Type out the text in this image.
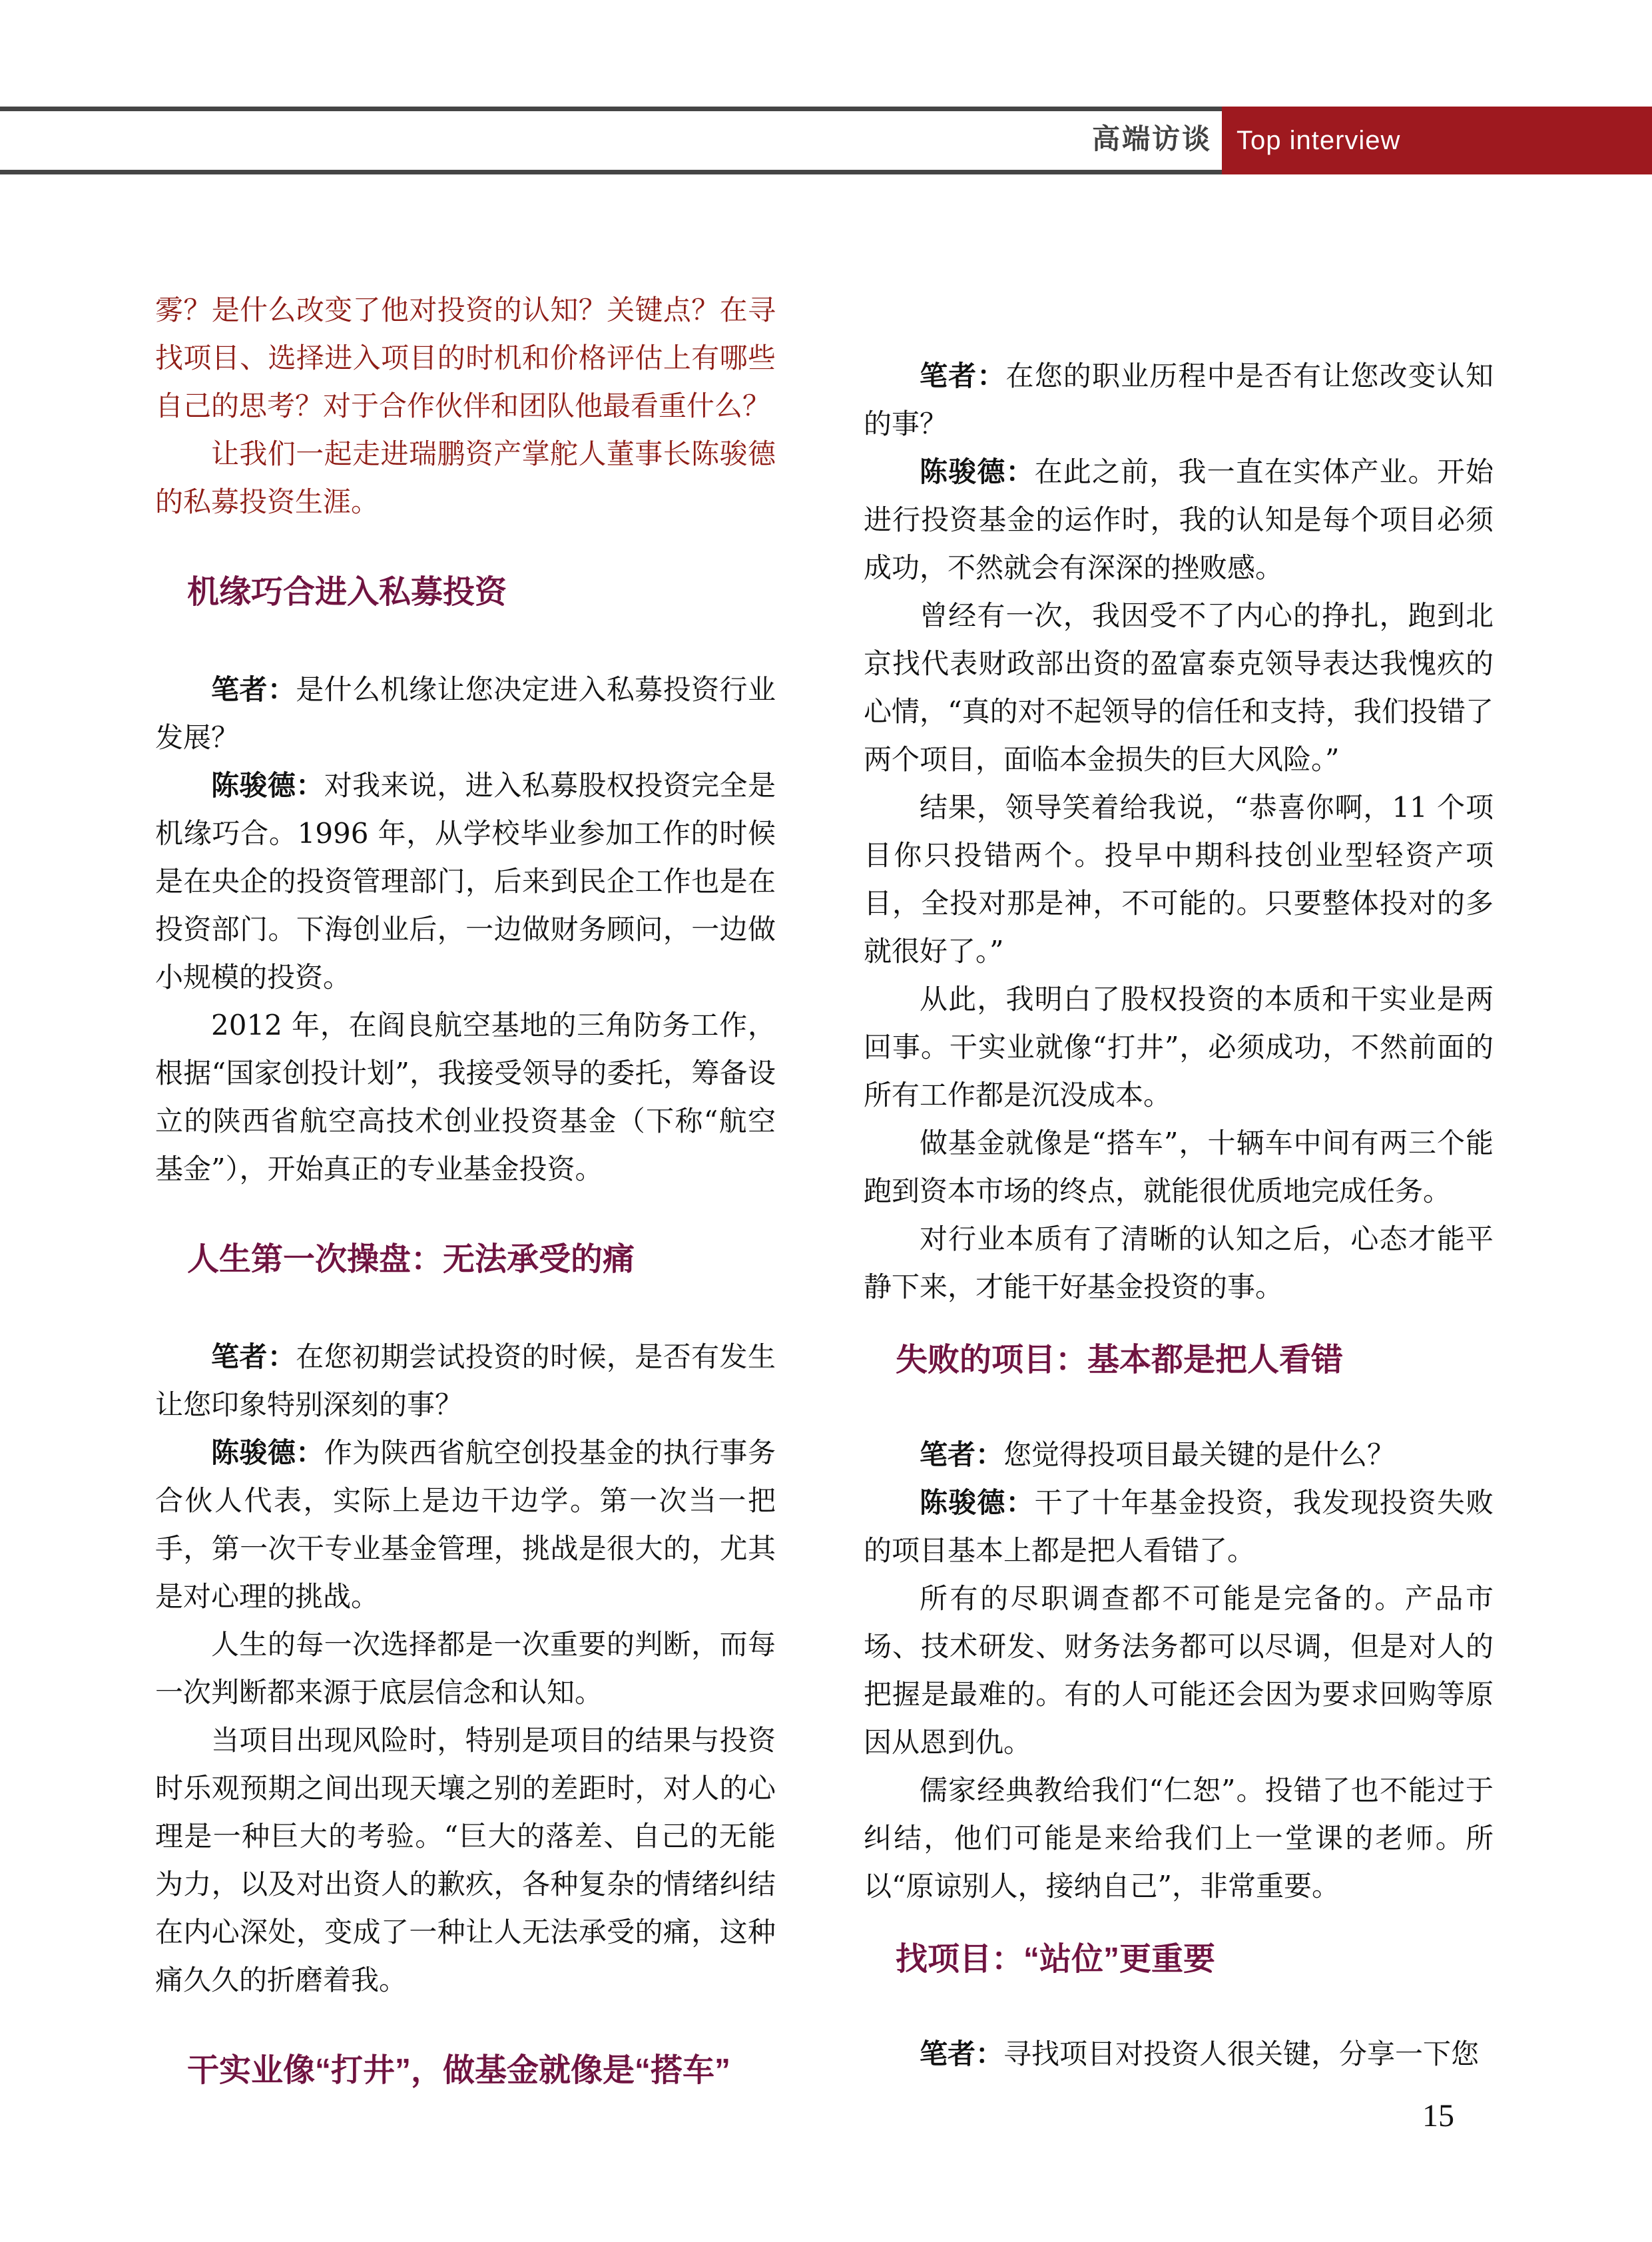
高端访谈 Top interview

雾？是什么改变了他对投资的认知？关键点？在寻找项目、选择进入项目的时机和价格评估上有哪些自己的思考？对于合作伙伴和团队他最看重什么？

让我们一起走进瑞鹏资产掌舵人董事长陈骏德的私募投资生涯。

机缘巧合进入私募投资

笔者：是什么机缘让您决定进入私募投资行业发展？

陈骏德：对我来说，进入私募股权投资完全是机缘巧合。1996 年，从学校毕业参加工作的时候是在央企的投资管理部门，后来到民企工作也是在投资部门。下海创业后，一边做财务顾问，一边做小规模的投资。

2012 年，在阎良航空基地的三角防务工作，根据“国家创投计划”，我接受领导的委托，筹备设立的陕西省航空高技术创业投资基金（下称“航空基金”），开始真正的专业基金投资。

人生第一次操盘：无法承受的痛

笔者：在您初期尝试投资的时候，是否有发生让您印象特别深刻的事？

陈骏德：作为陕西省航空创投基金的执行事务合伙人代表，实际上是边干边学。第一次当一把手，第一次干专业基金管理，挑战是很大的，尤其是对心理的挑战。

人生的每一次选择都是一次重要的判断，而每一次判断都来源于底层信念和认知。

当项目出现风险时，特别是项目的结果与投资时乐观预期之间出现天壤之别的差距时，对人的心理是一种巨大的考验。“巨大的落差、自己的无能为力，以及对出资人的歉疚，各种复杂的情绪纠结在内心深处，变成了一种让人无法承受的痛，这种痛久久的折磨着我。

干实业像“打井”，做基金就像是“搭车”

笔者：在您的职业历程中是否有让您改变认知的事？

陈骏德：在此之前，我一直在实体产业。开始进行投资基金的运作时，我的认知是每个项目必须成功，不然就会有深深的挫败感。

曾经有一次，我因受不了内心的挣扎，跑到北京找代表财政部出资的盈富泰克领导表达我愧疚的心情，“真的对不起领导的信任和支持，我们投错了两个项目，面临本金损失的巨大风险。”

结果，领导笑着给我说，“恭喜你啊，11 个项目你只投错两个。投早中期科技创业型轻资产项目，全投对那是神，不可能的。只要整体投对的多就很好了。”

从此，我明白了股权投资的本质和干实业是两回事。干实业就像“打井”，必须成功，不然前面的所有工作都是沉没成本。

做基金就像是“搭车”，十辆车中间有两三个能跑到资本市场的终点，就能很优质地完成任务。

对行业本质有了清晰的认知之后，心态才能平静下来，才能干好基金投资的事。

失败的项目：基本都是把人看错

笔者：您觉得投项目最关键的是什么？

陈骏德：干了十年基金投资，我发现投资失败的项目基本上都是把人看错了。

所有的尽职调查都不可能是完备的。产品市场、技术研发、财务法务都可以尽调，但是对人的把握是最难的。有的人可能还会因为要求回购等原因从恩到仇。

儒家经典教给我们“仁恕”。投错了也不能过于纠结，他们可能是来给我们上一堂课的老师。所以“原谅别人，接纳自己”，非常重要。

找项目：“站位”更重要

笔者：寻找项目对投资人很关键，分享一下您

15
